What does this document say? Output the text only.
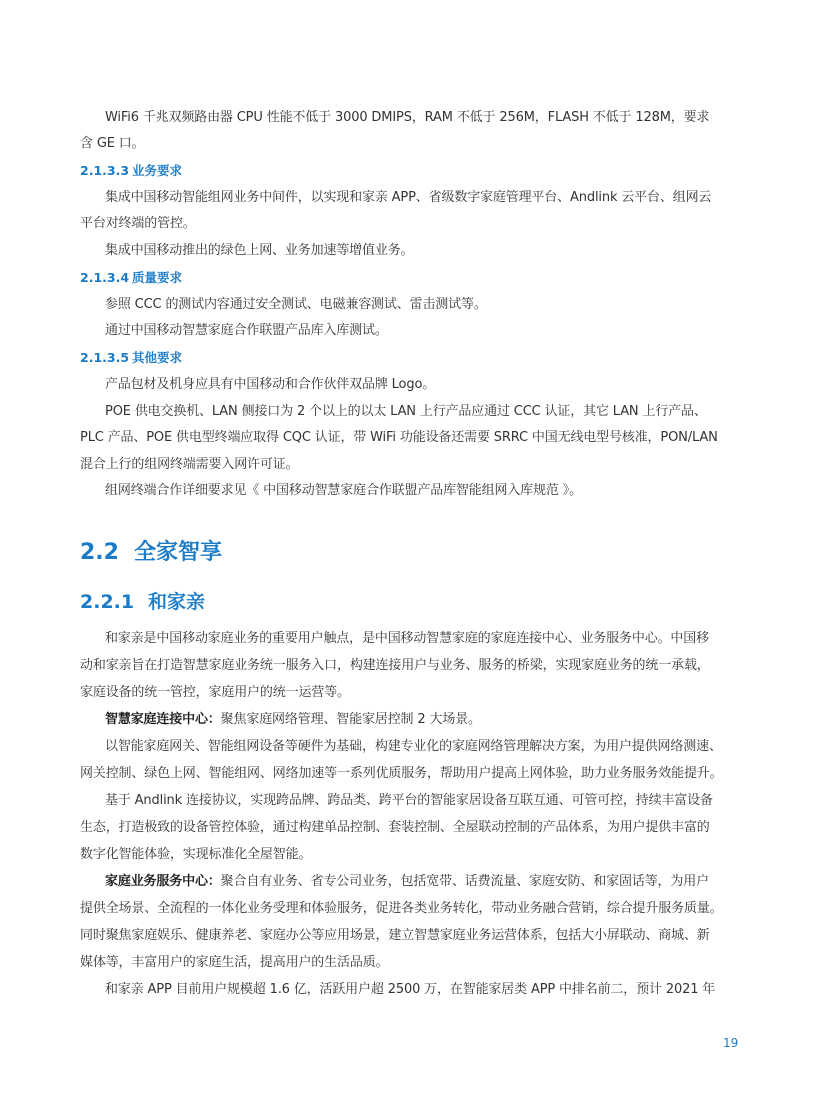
WiFi6 千兆双频路由器 CPU 性能不低于 3000 DMIPS，RAM 不低于 256M，FLASH 不低于 128M，要求
含 GE 口。
2.1.3.3 业务要求
集成中国移动智能组网业务中间件，以实现和家亲 APP、省级数字家庭管理平台、Andlink 云平台、组网云
平台对终端的管控。
集成中国移动推出的绿色上网、业务加速等增值业务。
2.1.3.4 质量要求
参照 CCC 的测试内容通过安全测试、电磁兼容测试、雷击测试等。
通过中国移动智慧家庭合作联盟产品库入库测试。
2.1.3.5 其他要求
产品包材及机身应具有中国移动和合作伙伴双品牌 Logo。
POE 供电交换机、LAN 侧接口为 2 个以上的以太 LAN 上行产品应通过 CCC 认证，其它 LAN 上行产品、
PLC 产品、POE 供电型终端应取得 CQC 认证，带 WiFi 功能设备还需要 SRRC 中国无线电型号核准，PON/LAN
混合上行的组网终端需要入网许可证。
组网终端合作详细要求见《 中国移动智慧家庭合作联盟产品库智能组网入库规范 》。
2.2 全家智享
2.2.1 和家亲
和家亲是中国移动家庭业务的重要用户触点，是中国移动智慧家庭的家庭连接中心、业务服务中心。中国移
动和家亲旨在打造智慧家庭业务统一服务入口，构建连接用户与业务、服务的桥梁，实现家庭业务的统一承载，
家庭设备的统一管控，家庭用户的统一运营等。
智慧家庭连接中心：聚焦家庭网络管理、智能家居控制 2 大场景。
以智能家庭网关、智能组网设备等硬件为基础，构建专业化的家庭网络管理解决方案，为用户提供网络测速、
网关控制、绿色上网、智能组网、网络加速等一系列优质服务，帮助用户提高上网体验，助力业务服务效能提升。
基于 Andlink 连接协议，实现跨品牌、跨品类、跨平台的智能家居设备互联互通、可管可控，持续丰富设备
生态，打造极致的设备管控体验，通过构建单品控制、套装控制、全屋联动控制的产品体系，为用户提供丰富的
数字化智能体验，实现标准化全屋智能。
家庭业务服务中心：聚合自有业务、省专公司业务，包括宽带、话费流量、家庭安防、和家固话等，为用户
提供全场景、全流程的一体化业务受理和体验服务，促进各类业务转化，带动业务融合营销，综合提升服务质量。
同时聚焦家庭娱乐、健康养老、家庭办公等应用场景，建立智慧家庭业务运营体系，包括大小屏联动、商城、新
媒体等，丰富用户的家庭生活，提高用户的生活品质。
和家亲 APP 目前用户规模超 1.6 亿，活跃用户超 2500 万，在智能家居类 APP 中排名前二，预计 2021 年
19
